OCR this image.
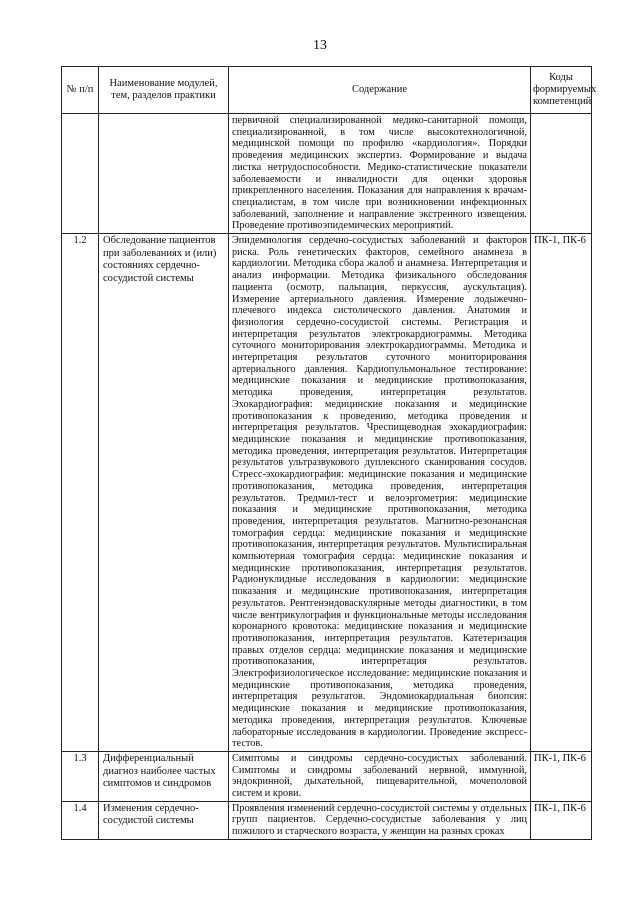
13
№ п/п	Наименование модулей, тем, разделов практики	Содержание	Коды формируемых компетенций
		первичной специализированной медико-санитарной помощи, специализированной, в том числе высокотехнологичной, медицинской помощи по профилю «кардиология». Порядки проведения медицинских экспертиз. Формирование и выдача листка нетрудоспособности. Медико-статистические показатели заболеваемости и инвалидности для оценки здоровья прикрепленного населения. Показания для направления к врачам-специалистам, в том числе при возникновении инфекционных заболеваний, заполнение и направление экстренного извещения. Проведение противоэпидемических мероприятий.	
1.2	Обследование пациентов при заболеваниях и (или) состояниях сердечно-сосудистой системы	Эпидемиология сердечно-сосудистых заболеваний и факторов риска. Роль генетических факторов, семейного анамнеза в кардиологии. Методика сбора жалоб и анамнеза. Интерпретация и анализ информации. Методика физикального обследования пациента (осмотр, пальпация, перкуссия, аускультация). Измерение артериального давления. Измерение лодыжечно-плечевого индекса систолического давления. Анатомия и физиология сердечно-сосудистой системы. Регистрация и интерпретация результатов электрокардиограммы. Методика суточного мониторирования электрокардиограммы. Методика и интерпретация результатов суточного мониторирования артериального давления. Кардиопульмональное тестирование: медицинские показания и медицинские противопоказания, методика проведения, интерпретация результатов. Эхокардиография: медицинские показания и медицинские противопоказания к проведению, методика проведения и интерпретация результатов. Чреспищеводная эхокардиография: медицинские показания и медицинские противопоказания, методика проведения, интерпретация результатов. Интерпретация результатов ультразвукового дуплексного сканирования сосудов. Стресс-эхокардиография: медицинские показания и медицинские противопоказания, методика проведения, интерпретация результатов. Тредмил-тест и велоэргометрия: медицинские показания и медицинские противопоказания, методика проведения, интерпретация результатов. Магнитно-резонансная томография сердца: медицинские показания и медицинские противопоказания, интерпретация результатов. Мультиспиральная компьютерная томография сердца: медицинские показания и медицинские противопоказания, интерпретация результатов. Радионуклидные исследования в кардиологии: медицинские показания и медицинские противопоказания, интерпретация результатов. Рентгенэндоваскулярные методы диагностики, в том числе вентрикулография и функциональные методы исследования коронарного кровотока: медицинские показания и медицинские противопоказания, интерпретация результатов. Катетеризация правых отделов сердца: медицинские показания и медицинские противопоказания, интерпретация результатов. Электрофизиологическое исследование: медицинские показания и медицинские противопоказания, методика проведения, интерпретация результатов. Эндомиокардиальная биопсия: медицинские показания и медицинские противопоказания, методика проведения, интерпретация результатов. Ключевые лабораторные исследования в кардиологии. Проведение экспресс-тестов.	ПК-1, ПК-6
1.3	Дифференциальный диагноз наиболее частых симптомов и синдромов	Симптомы и синдромы сердечно-сосудистых заболеваний. Симптомы и синдромы заболеваний нервной, иммунной, эндокринной, дыхательной, пищеварительной, мочеполовой систем и крови.	ПК-1, ПК-6
1.4	Изменения сердечно-сосудистой системы	Проявления изменений сердечно-сосудистой системы у отдельных групп пациентов. Сердечно-сосудистые заболевания у лиц пожилого и старческого возраста, у женщин на разных сроках	ПК-1, ПК-6
